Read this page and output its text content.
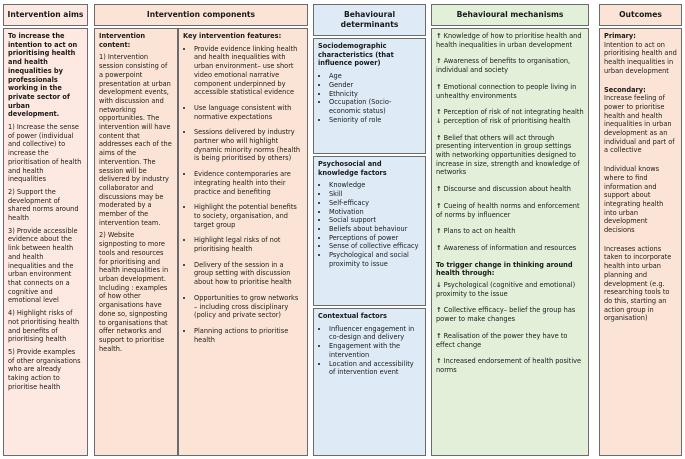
Intervention aims

To increase the intention to act on prioritising health and health inequalities by professionals working in the private sector of urban development.

1) Increase the sense of power (individual and collective) to increase the prioritisation of health and health inequalities

2) Support the development of shared norms around health

3) Provide accessible evidence about the link between health and health inequalities and the urban environment that connects on a cognitive and emotional level

4) Highlight risks of not prioritising health and benefits of prioritising health

5) Provide examples of other organisations who are already taking action to prioritise health

Intervention components

Intervention content:

1) Intervention session consisting of a powerpoint presentation at urban development events, with discussion and networking opportunities. The intervention will have content that addresses each of the aims of the intervention. The session will be delivered by industry collaborator and discussions may be moderated by a member of the intervention team.

2) Website signposting to more tools and resources for prioritising and health inequalities in urban development. Including : examples of how other organisations have done so, signposting to organisations that offer networks and support to prioritise health.

Key intervention features:

• Provide evidence linking health and health inequalities with urban environment– use short video emotional narrative component underpinned by accessible statistical evidence
• Use language consistent with normative expectations
• Sessions delivered by industry partner who will highlight dynamic minority norms (health is being prioritised by others)
• Evidence contemporaries are integrating health into their practice and benefiting
• Highlight the potential benefits to society, organisation, and target group
• Highlight legal risks of not prioritising health
• Delivery of the session in a group setting with discussion about how to prioritise health
• Opportunities to grow networks – including cross disciplinary (policy and private sector)
• Planning actions to prioritise health
Behavioural determinants

Sociodemographic characteristics (that influence power)

• Age
• Gender
• Ethnicity
• Occupation (Socio-economic status)
• Seniority of role

Psychosocial and knowledge factors

• Knowledge
• Skill
• Self-efficacy
• Motivation
• Social support
• Beliefs about behaviour
• Perceptions of power
• Sense of collective efficacy
• Psychological and social proximity to issue

Contextual factors

• Influencer engagement in co-design and delivery
• Engagement with the intervention
• Location and accessibility of intervention event
Behavioural mechanisms

↑ Knowledge of how to prioritise health and health inequalities in urban development

↑ Awareness of benefits to organisation, individual and society

↑ Emotional connection to people living in unhealthy environments

↑ Perception of risk of not integrating health ↓ perception of risk of prioritising health

↑ Belief that others will act through presenting intervention in group settings with networking opportunities designed to increase in size, strength and knowledge of networks

↑ Discourse and discussion about health

↑ Cueing of health norms and enforcement of norms by influencer

↑ Plans to act on health

↑ Awareness of information and resources

To trigger change in thinking around health through:

↓ Psychological (cognitive and emotional) proximity to the issue

↑ Collective efficacy– belief the group has power to make changes

↑ Realisation of the power they have to effect change

↑ Increased endorsement of health positive norms

Outcomes

Primary:

Intention to act on prioritising health and health inequalities in urban development

Secondary:

Increase feeling of power to prioritise health and health inequalities in urban development as an individual and part of a collective

Individual knows where to find information and support about integrating health into urban development decisions

Increases actions taken to incorporate health into urban planning and development (e.g. researching tools to do this, starting an action group in organisation)
